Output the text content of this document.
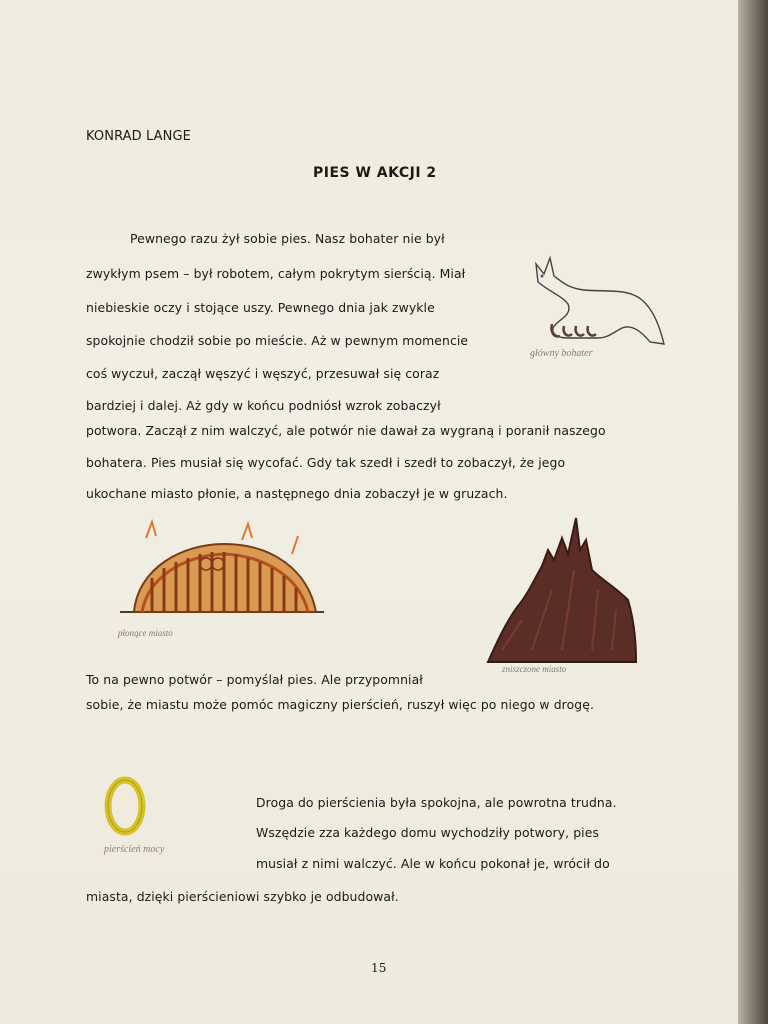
KONRAD LANGE
PIES W AKCJI 2
Pewnego razu żył sobie pies. Nasz bohater nie był
zwykłym psem – był robotem, całym pokrytym sierścią. Miał
niebieskie oczy i stojące uszy. Pewnego dnia jak zwykle
spokojnie chodził sobie po mieście. Aż w pewnym momencie
coś wyczuł, zaczął węszyć i węszyć, przesuwał się coraz
bardziej i dalej. Aż gdy w końcu podniósł wzrok zobaczył
potwora. Zaczął z nim walczyć, ale potwór nie dawał za wygraną i poranił naszego
bohatera. Pies musiał się wycofać. Gdy tak szedł i szedł to zobaczył, że jego
ukochane miasto płonie, a następnego dnia zobaczył je w gruzach.
To na pewno potwór – pomyślał pies. Ale przypomniał
sobie, że miastu może pomóc magiczny pierścień, ruszył więc po niego w drogę.
Droga do pierścienia była spokojna, ale powrotna trudna.
Wszędzie zza każdego domu wychodziły potwory, pies
musiał z nimi walczyć. Ale w końcu pokonał je, wrócił do
miasta, dzięki pierścieniowi szybko je odbudował.
15
główny bohater
płonące miasto
zniszczone miasto
pierścień mocy
